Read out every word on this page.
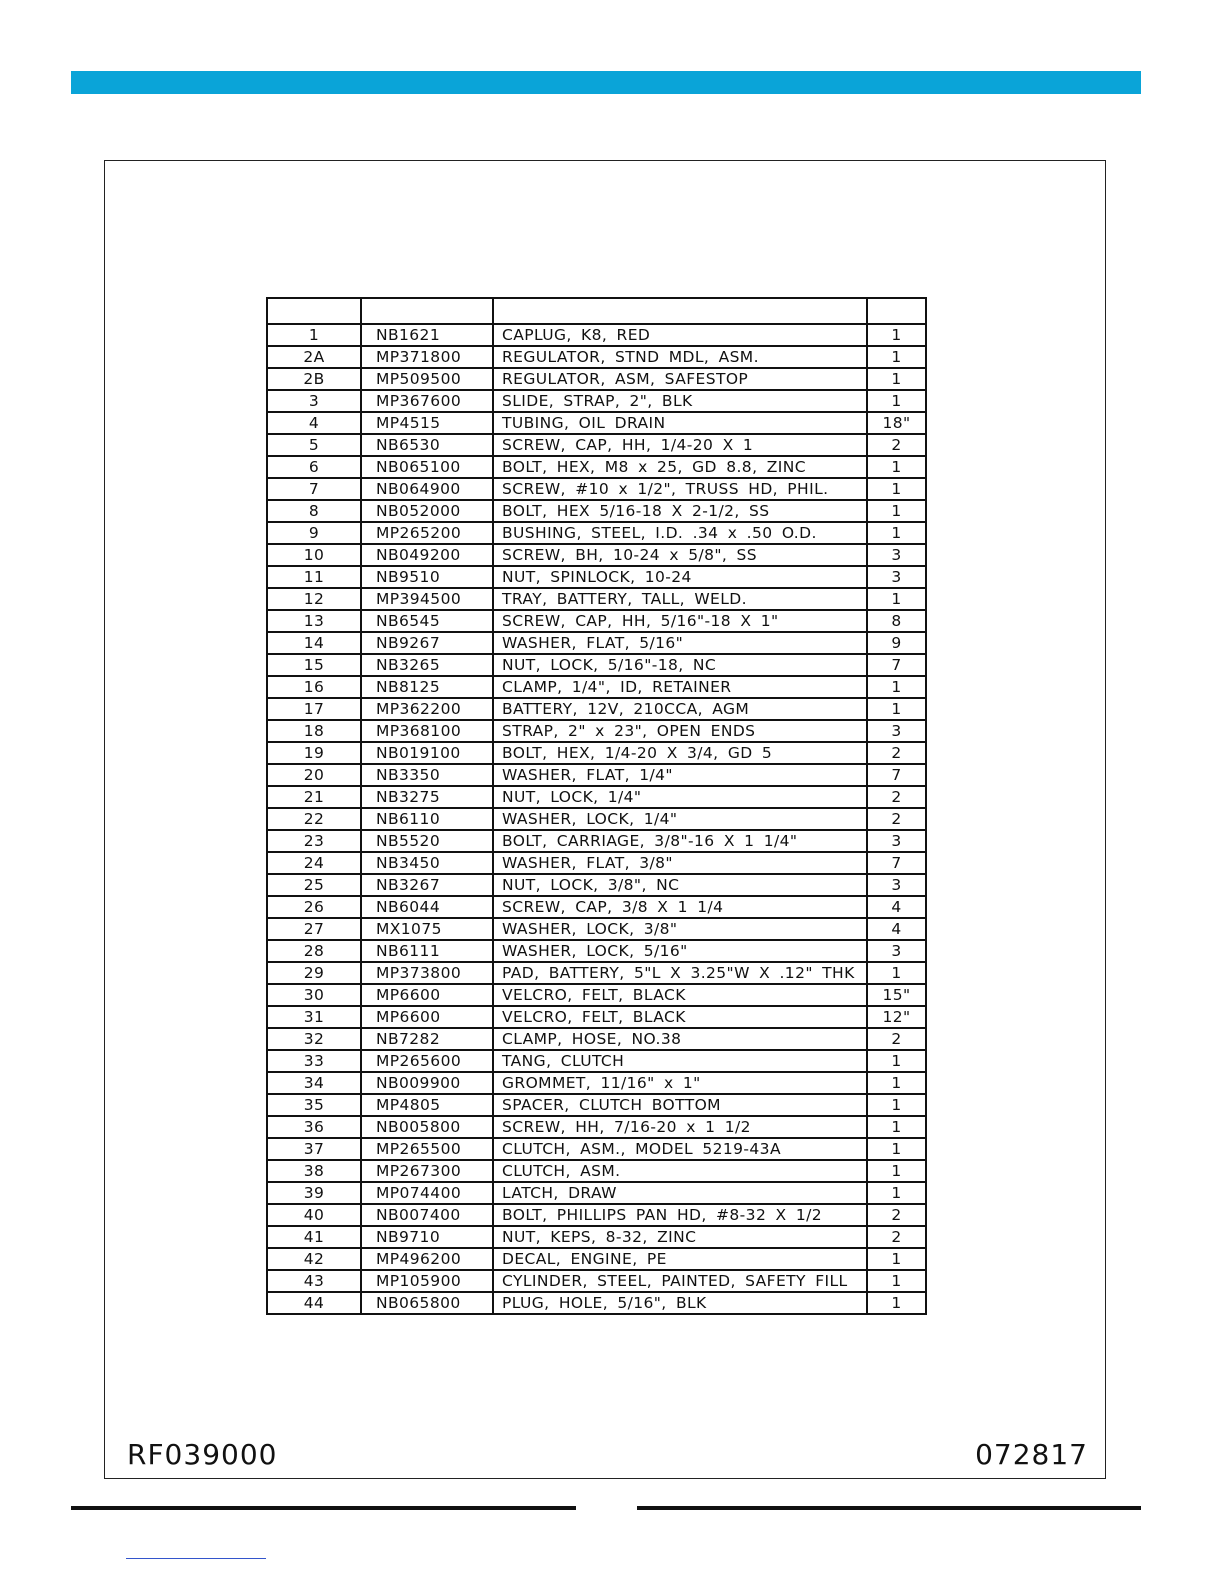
1	NB1621	CAPLUG, K8, RED	1
2A	MP371800	REGULATOR, STND MDL, ASM.	1
2B	MP509500	REGULATOR, ASM, SAFESTOP	1
3	MP367600	SLIDE, STRAP, 2", BLK	1
4	MP4515	TUBING, OIL DRAIN	18"
5	NB6530	SCREW, CAP, HH, 1/4-20 X 1	2
6	NB065100	BOLT, HEX, M8 x 25, GD 8.8, ZINC	1
7	NB064900	SCREW, #10 x 1/2", TRUSS HD, PHIL.	1
8	NB052000	BOLT, HEX 5/16-18 X 2-1/2, SS	1
9	MP265200	BUSHING, STEEL, I.D. .34 x .50 O.D.	1
10	NB049200	SCREW, BH, 10-24 x 5/8", SS	3
11	NB9510	NUT, SPINLOCK, 10-24	3
12	MP394500	TRAY, BATTERY, TALL, WELD.	1
13	NB6545	SCREW, CAP, HH, 5/16"-18 X 1"	8
14	NB9267	WASHER, FLAT, 5/16"	9
15	NB3265	NUT, LOCK, 5/16"-18, NC	7
16	NB8125	CLAMP, 1/4", ID, RETAINER	1
17	MP362200	BATTERY, 12V, 210CCA, AGM	1
18	MP368100	STRAP, 2" x 23", OPEN ENDS	3
19	NB019100	BOLT, HEX, 1/4-20 X 3/4, GD 5	2
20	NB3350	WASHER, FLAT, 1/4"	7
21	NB3275	NUT, LOCK, 1/4"	2
22	NB6110	WASHER, LOCK, 1/4"	2
23	NB5520	BOLT, CARRIAGE, 3/8"-16 X 1 1/4"	3
24	NB3450	WASHER, FLAT, 3/8"	7
25	NB3267	NUT, LOCK, 3/8", NC	3
26	NB6044	SCREW, CAP, 3/8 X 1 1/4	4
27	MX1075	WASHER, LOCK, 3/8"	4
28	NB6111	WASHER, LOCK, 5/16"	3
29	MP373800	PAD, BATTERY, 5"L X 3.25"W X .12" THK	1
30	MP6600	VELCRO, FELT, BLACK	15"
31	MP6600	VELCRO, FELT, BLACK	12"
32	NB7282	CLAMP, HOSE, NO.38	2
33	MP265600	TANG, CLUTCH	1
34	NB009900	GROMMET, 11/16" x 1"	1
35	MP4805	SPACER, CLUTCH BOTTOM	1
36	NB005800	SCREW, HH, 7/16-20 x 1 1/2	1
37	MP265500	CLUTCH, ASM., MODEL 5219-43A	1
38	MP267300	CLUTCH, ASM.	1
39	MP074400	LATCH, DRAW	1
40	NB007400	BOLT, PHILLIPS PAN HD, #8-32 X 1/2	2
41	NB9710	NUT, KEPS, 8-32, ZINC	2
42	MP496200	DECAL, ENGINE, PE	1
43	MP105900	CYLINDER, STEEL, PAINTED, SAFETY FILL	1
44	NB065800	PLUG, HOLE, 5/16", BLK	1
RF039000	072817
